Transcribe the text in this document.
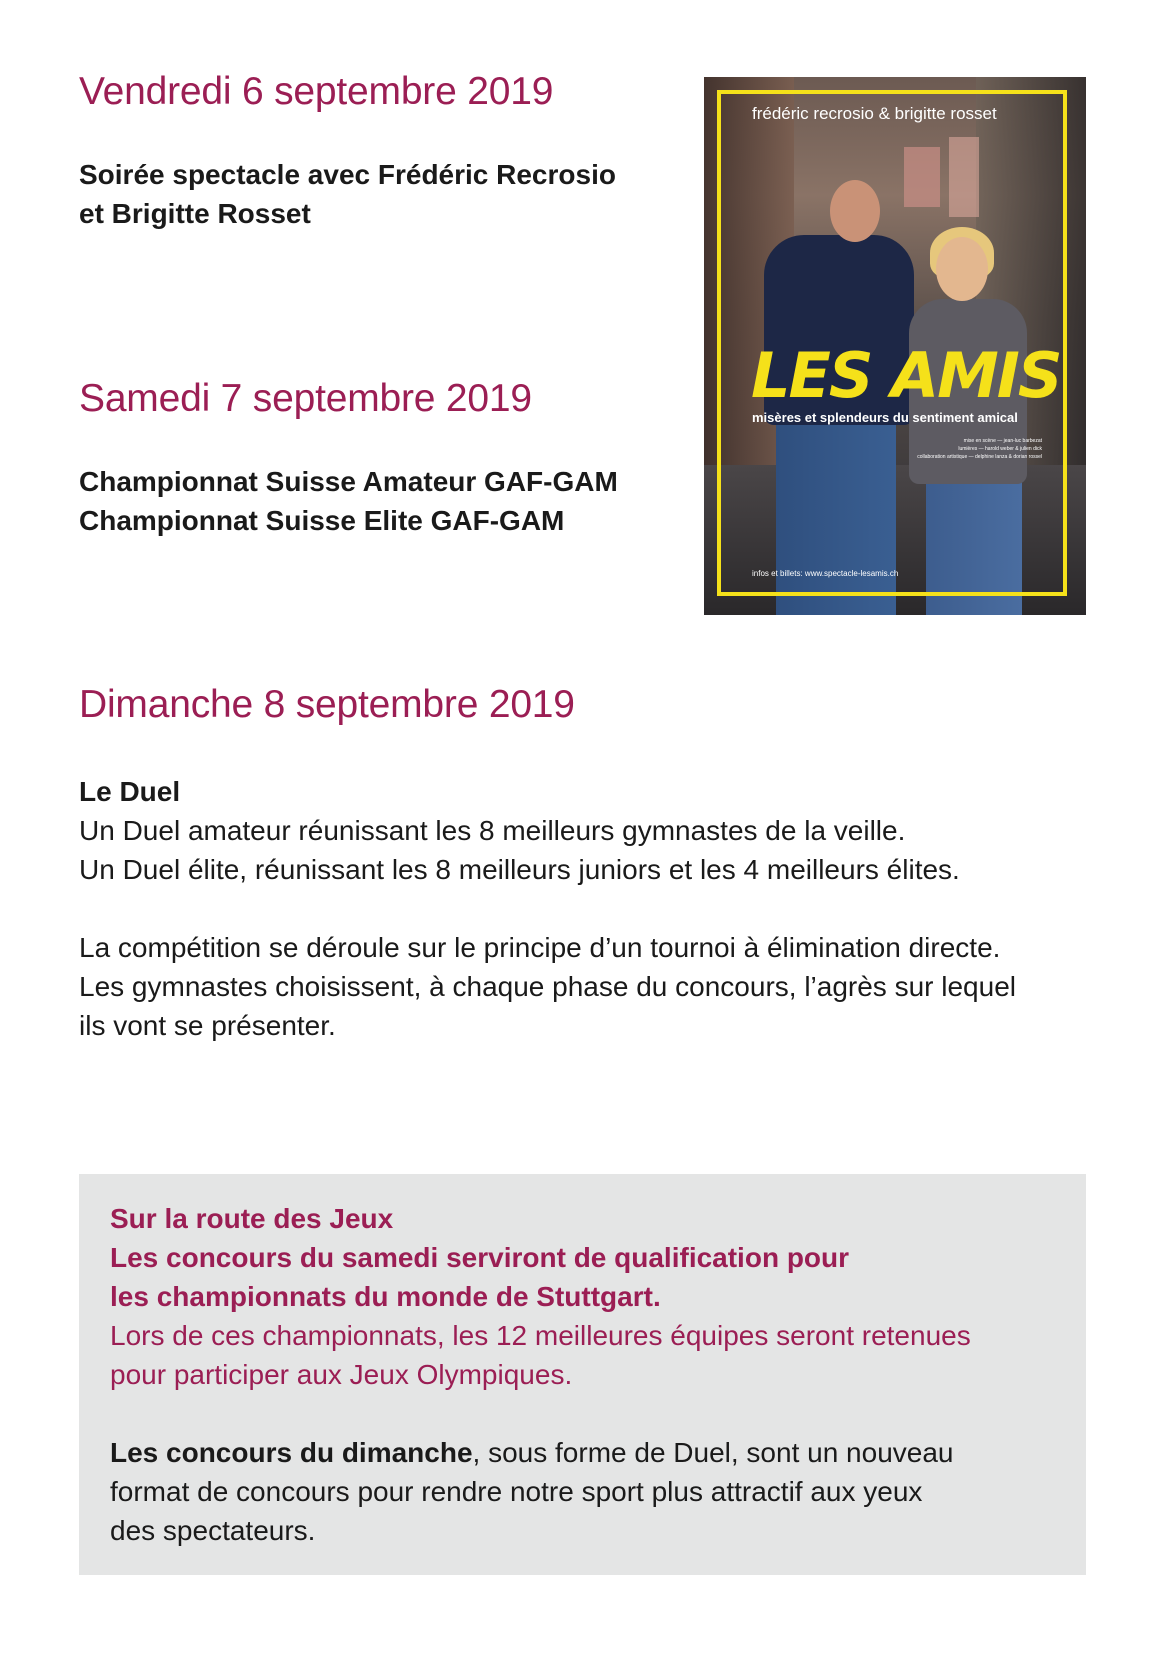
Vendredi 6 septembre 2019

Soirée spectacle avec Frédéric Recrosio

et Brigitte Rosset

Samedi 7 septembre 2019

Championnat Suisse Amateur GAF-GAM

Championnat Suisse Elite GAF-GAM

frédéric recrosio & brigitte rosset

LES AMIS

misères et splendeurs du sentiment amical

mise en scène — jean-luc barbezat
lumières — harold weber & julien dick
collaboration artistique — delphine lanza & dorian rossel

infos et billets: www.spectacle-lesamis.ch

Dimanche 8 septembre 2019

Le Duel

Un Duel amateur réunissant les 8 meilleurs gymnastes de la veille.
Un Duel élite, réunissant les 8 meilleurs juniors et les 4 meilleurs élites.
La compétition se déroule sur le principe d’un tournoi à élimination directe.
Les gymnastes choisissent, à chaque phase du concours, l’agrès sur lequel
ils vont se présenter.

Sur la route des Jeux

Les concours du samedi serviront de qualification pour

les championnats du monde de Stuttgart.

Lors de ces championnats, les 12 meilleures équipes seront retenues

pour participer aux Jeux Olympiques.

Les concours du dimanche, sous forme de Duel, sont un nouveau

format de concours pour rendre notre sport plus attractif aux yeux

des spectateurs.
